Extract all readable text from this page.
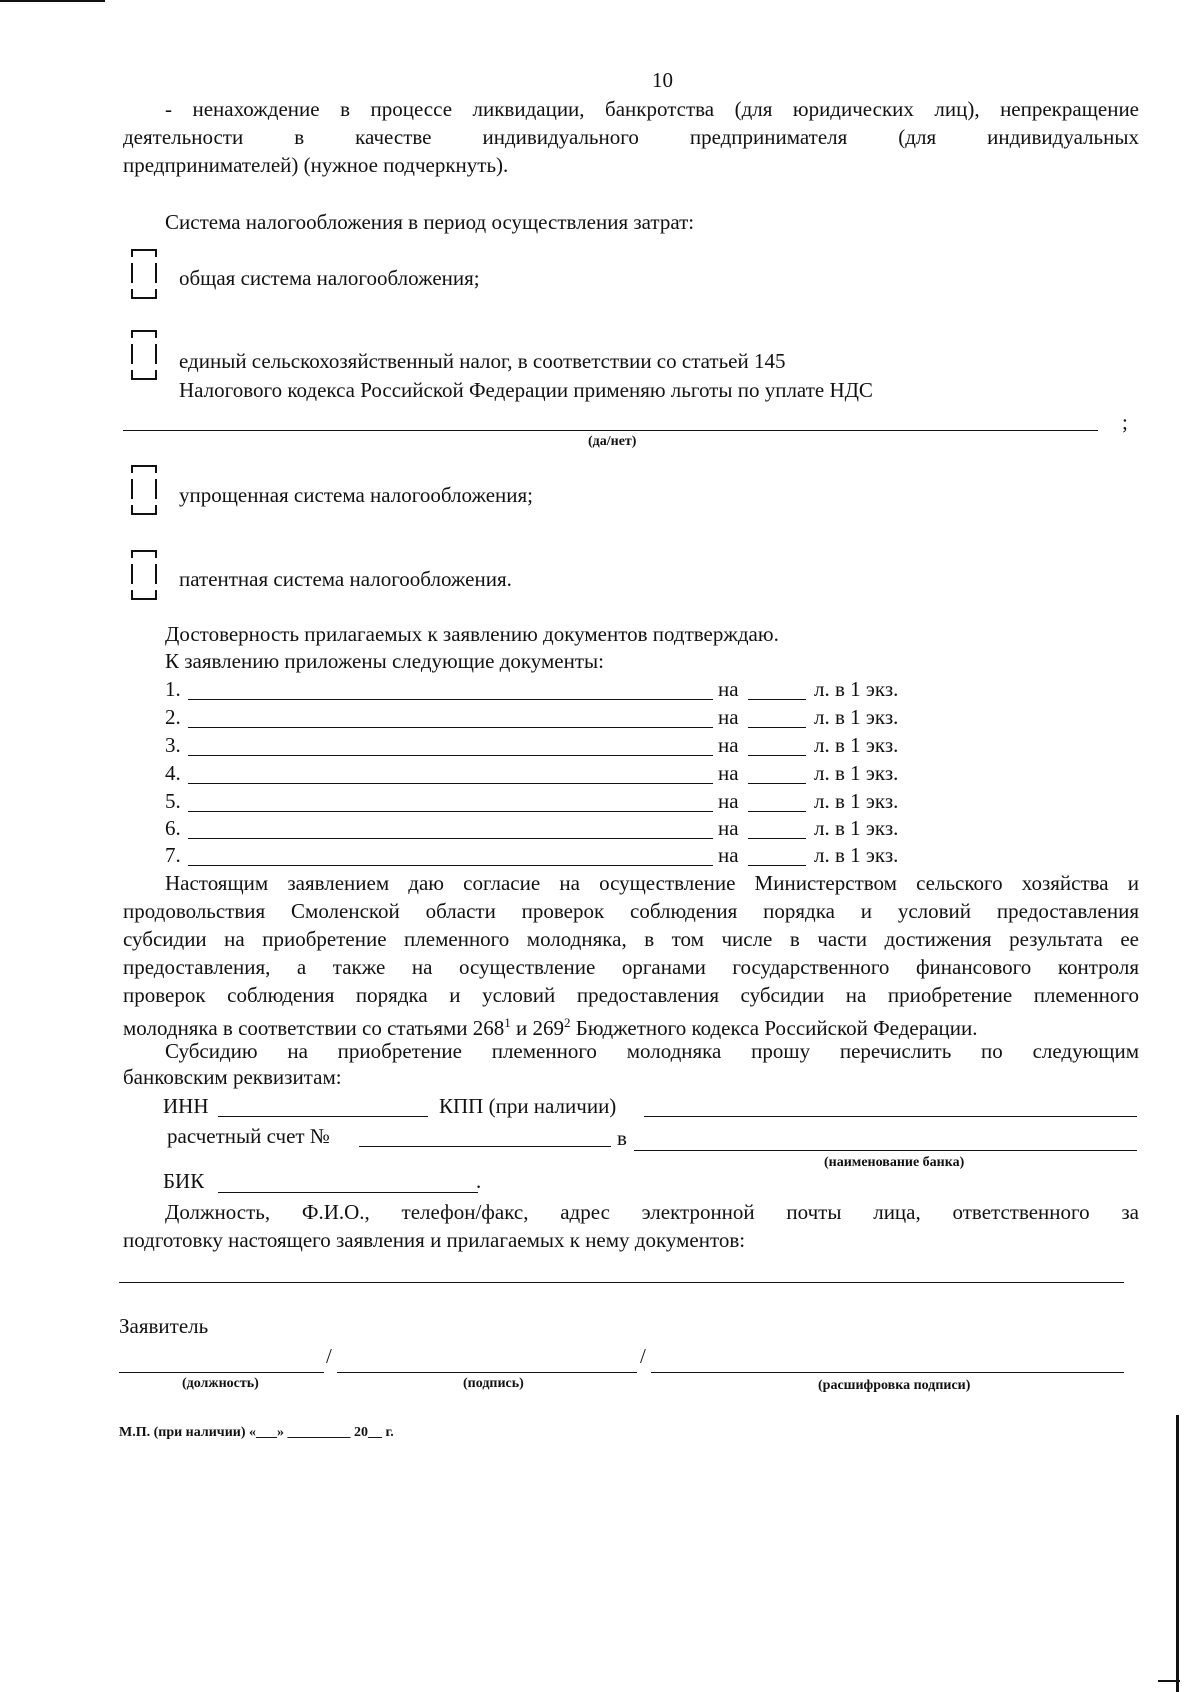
10
- ненахождение в процессе ликвидации, банкротства (для юридических лиц), непрекращение
деятельности в качестве индивидуального предпринимателя (для индивидуальных
предпринимателей) (нужное подчеркнуть).
Система налогообложения в период осуществления затрат:
общая система налогообложения;
единый сельскохозяйственный налог, в соответствии со статьей 145
Налогового кодекса Российской Федерации применяю льготы по уплате НДС
;
(да/нет)
упрощенная система налогообложения;
патентная система налогообложения.
Достоверность прилагаемых к заявлению документов подтверждаю.
К заявлению приложены следующие документы:
1.	на	л. в 1 экз.
2.	на	л. в 1 экз.
3.	на	л. в 1 экз.
4.	на	л. в 1 экз.
5.	на	л. в 1 экз.
6.	на	л. в 1 экз.
7.	на	л. в 1 экз.
Настоящим заявлением даю согласие на осуществление Министерством сельского хозяйства и
продовольствия Смоленской области проверок соблюдения порядка и условий предоставления
субсидии на приобретение племенного молодняка, в том числе в части достижения результата ее
предоставления, а также на осуществление органами государственного финансового контроля
проверок соблюдения порядка и условий предоставления субсидии на приобретение племенного
молодняка в соответствии со статьями $268^1$ и $269^2$ Бюджетного кодекса Российской Федерации.
Субсидию на приобретение племенного молодняка прошу перечислить по следующим
банковским реквизитам:
ИНН	КПП (при наличии)
расчетный счет №	в
(наименование банка)
БИК	.
Должность, Ф.И.О., телефон/факс, адрес электронной почты лица, ответственного за
подготовку настоящего заявления и прилагаемых к нему документов:
Заявитель
/	/
(должность)	(подпись)	(расшифровка подписи)
М.П. (при наличии) «___» _________ 20__ г.
